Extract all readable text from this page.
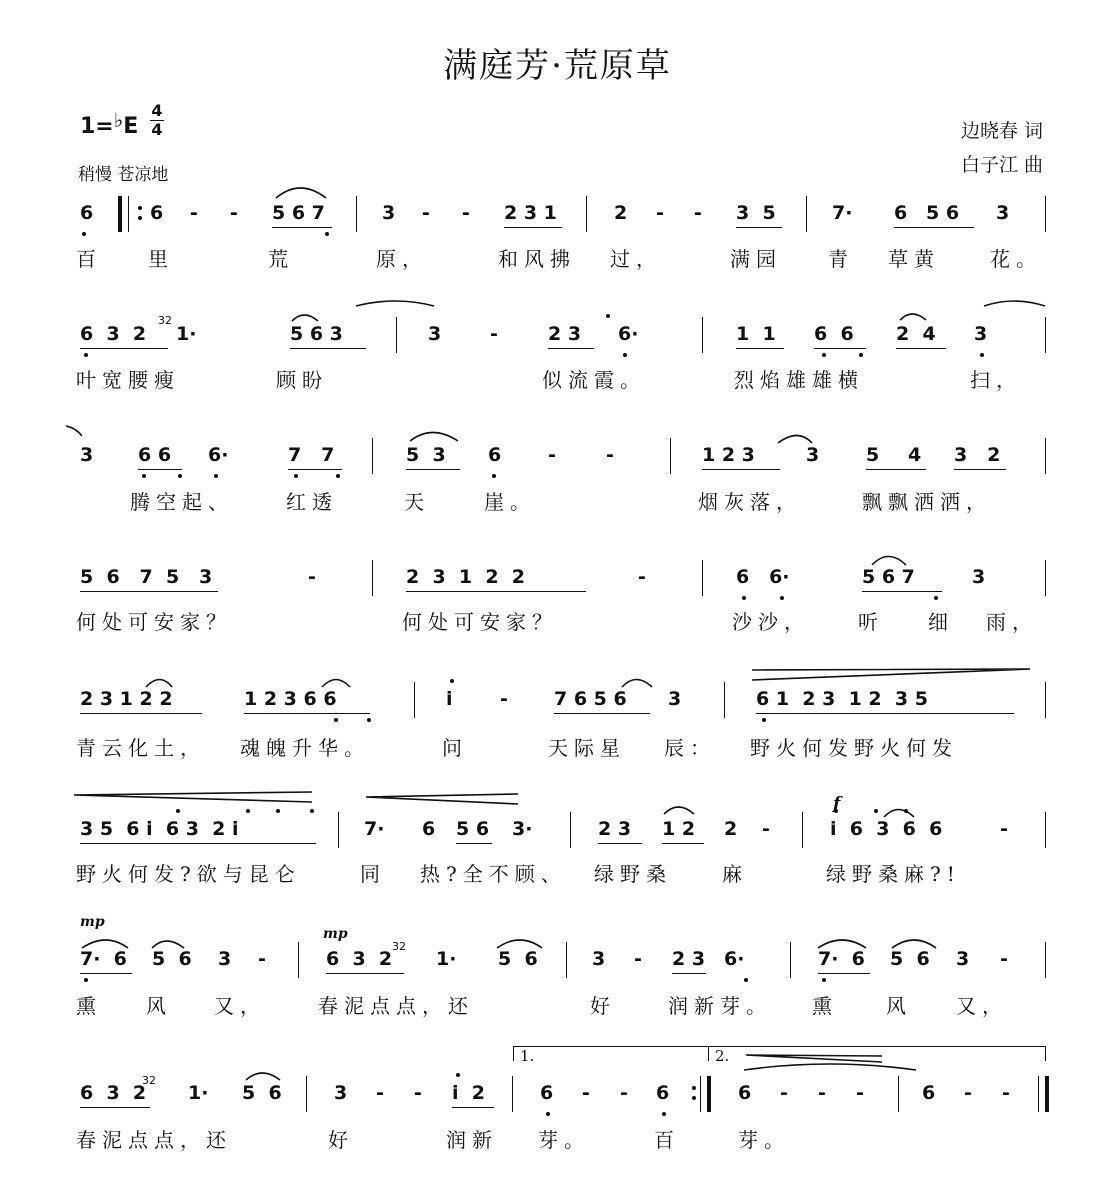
满庭芳·荒原草
1=♭E
4
4
稍慢 苍凉地
边晓春 词
白子江 曲
6	6 - - 5 6 7	3 - - 2 3 1	2 - - 3  5	7· 6 5 6 3
6  3  2 1·	5 6 3	3	-	2 3 6·	1  1 6  6 2  4 3
3 6 6 6·	7   7	5  3 6 -	-	1 2 3	3 5 4 3   2
5  6   7  5   3	-	2  3  1  2  2	-	6   6·	5 6 7	3
2 3 1 2 2	1 2 3 6 6	i - 7 6 5 6 3	6 1  2 3  1 2  3 5
3 5  6 i  6 3  2 i	7· 6 5 6 3·	2 3 1 2 2 -	i  6  3  6  6	-
7·  6 5  6 3 -	6  3  2 1· 5  6	3 - 2 3 6·	7·  6 5  6 3 -
6  3  2 1· 5  6	3 - - i  2	6 - - 6	6 - - -	6 - -
百 里	荒	原，	和风拂 过，	满园 青 草黄	花。
叶宽腰瘦	顾盼	似流霞。	烈焰雄雄横	扫，
腾空起、	红透	天	崖。	烟灰落，	飘飘洒洒，
何处可安家？	何处可安家？	沙沙， 听 细 雨，
青云化土， 魂魄升华。	问	天际星 辰： 野火何发野火何发
野火何发?欲与昆仑	同 热?全不顾、 绿野桑	麻	绿野桑麻?!
熏 风 又，	春泥点点，还	好	润新芽。 熏 风 又，
春泥点点，还	好	润新 芽。	百	芽。
32
32
32
f
mp
mp
1.	2.
